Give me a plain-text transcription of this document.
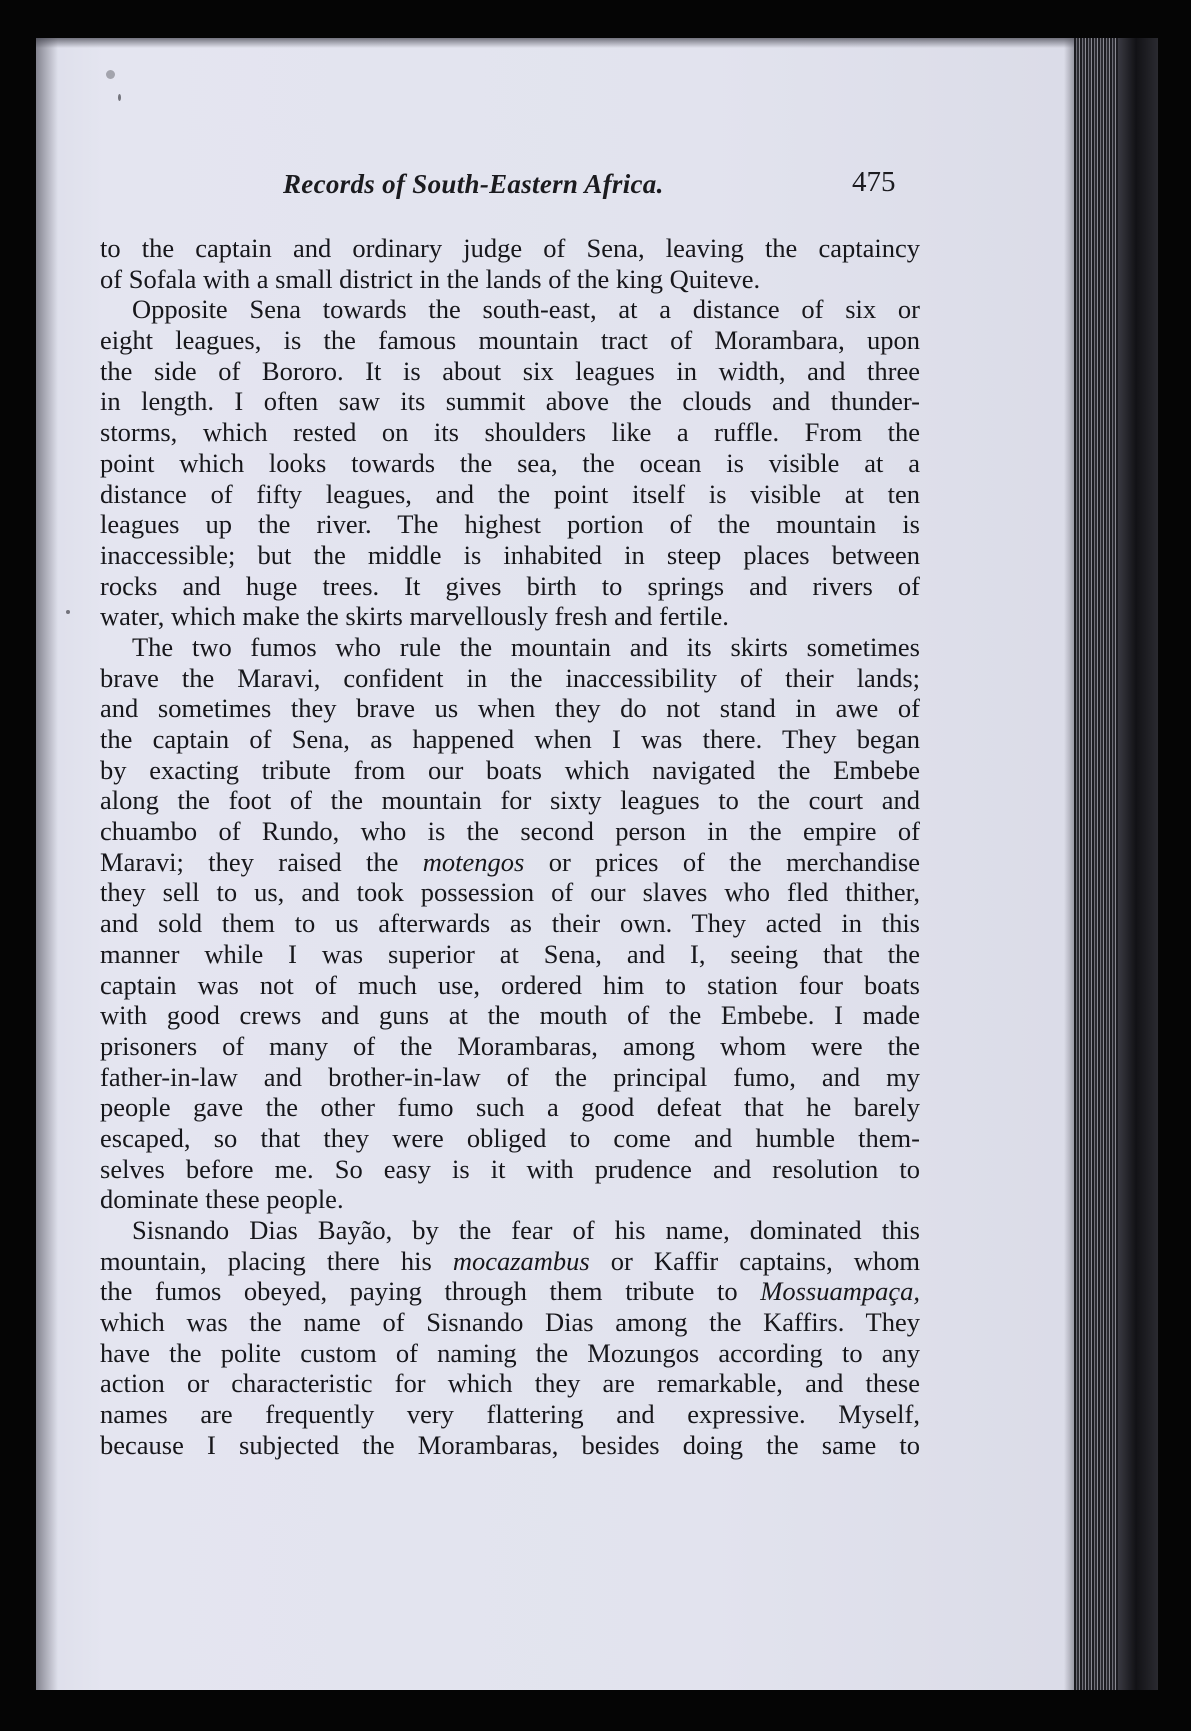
Records of South-Eastern Africa.	475
to the captain and ordinary judge of Sena, leaving the captaincy
of Sofala with a small district in the lands of the king Quiteve.
Opposite Sena towards the south-east, at a distance of six or
eight leagues, is the famous mountain tract of Morambara, upon
the side of Bororo. It is about six leagues in width, and three
in length. I often saw its summit above the clouds and thunder-
storms, which rested on its shoulders like a ruffle. From the
point which looks towards the sea, the ocean is visible at a
distance of fifty leagues, and the point itself is visible at ten
leagues up the river. The highest portion of the mountain is
inaccessible; but the middle is inhabited in steep places between
rocks and huge trees. It gives birth to springs and rivers of
water, which make the skirts marvellously fresh and fertile.
The two fumos who rule the mountain and its skirts sometimes
brave the Maravi, confident in the inaccessibility of their lands;
and sometimes they brave us when they do not stand in awe of
the captain of Sena, as happened when I was there. They began
by exacting tribute from our boats which navigated the Embebe
along the foot of the mountain for sixty leagues to the court and
chuambo of Rundo, who is the second person in the empire of
Maravi; they raised the motengos or prices of the merchandise
they sell to us, and took possession of our slaves who fled thither,
and sold them to us afterwards as their own. They acted in this
manner while I was superior at Sena, and I, seeing that the
captain was not of much use, ordered him to station four boats
with good crews and guns at the mouth of the Embebe. I made
prisoners of many of the Morambaras, among whom were the
father-in-law and brother-in-law of the principal fumo, and my
people gave the other fumo such a good defeat that he barely
escaped, so that they were obliged to come and humble them-
selves before me. So easy is it with prudence and resolution to
dominate these people.
Sisnando Dias Bayão, by the fear of his name, dominated this
mountain, placing there his mocazambus or Kaffir captains, whom
the fumos obeyed, paying through them tribute to Mossuampaça,
which was the name of Sisnando Dias among the Kaffirs. They
have the polite custom of naming the Mozungos according to any
action or characteristic for which they are remarkable, and these
names are frequently very flattering and expressive. Myself,
because I subjected the Morambaras, besides doing the same to
